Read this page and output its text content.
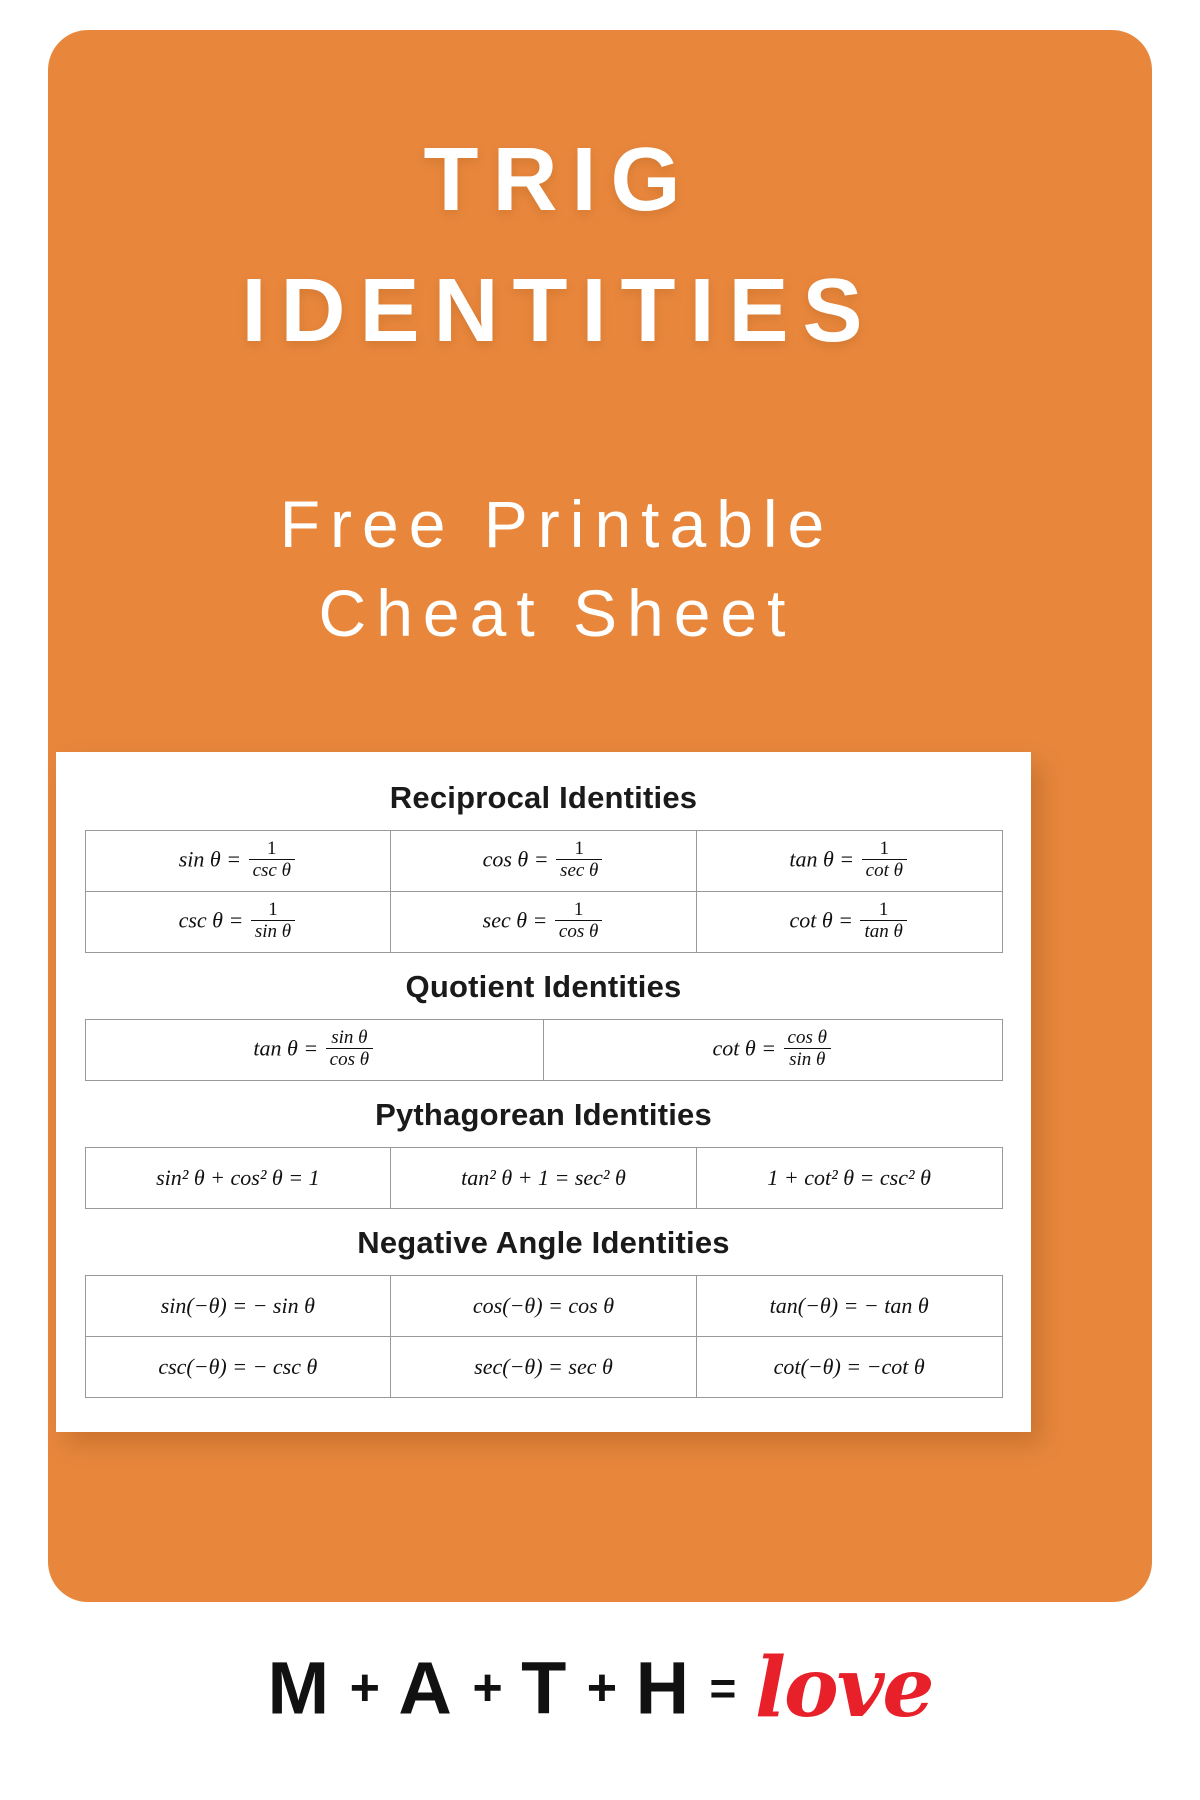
TRIG
IDENTITIES
Free Printable
Cheat Sheet
Reciprocal Identities
$\sin \theta = \frac{1}{\text{csc θ}}$	$\cos \theta = \frac{1}{\text{sec θ}}$	$\tan \theta = \frac{1}{\text{cot θ}}$

$\csc \theta = \frac{1}{\text{sin θ}}$	$\sec \theta = \frac{1}{\text{cos θ}}$	$\cot \theta = \frac{1}{\text{tan θ}}$
Quotient Identities
$\tan \theta = \frac{\text{sin θ}}{\text{cos θ}}$	$\cot \theta = \frac{\text{cos θ}}{\text{sin θ}}$
Pythagorean Identities
sin² θ + cos² θ = 1	tan² θ + 1 = sec² θ	1 + cot² θ = csc² θ
Negative Angle Identities
sin(−θ) = − sin θ	cos(−θ) = cos θ	tan(−θ) = − tan θ
csc(−θ) = − csc θ	sec(−θ) = sec θ	cot(−θ) = −cot θ
M + A + T + H = love
